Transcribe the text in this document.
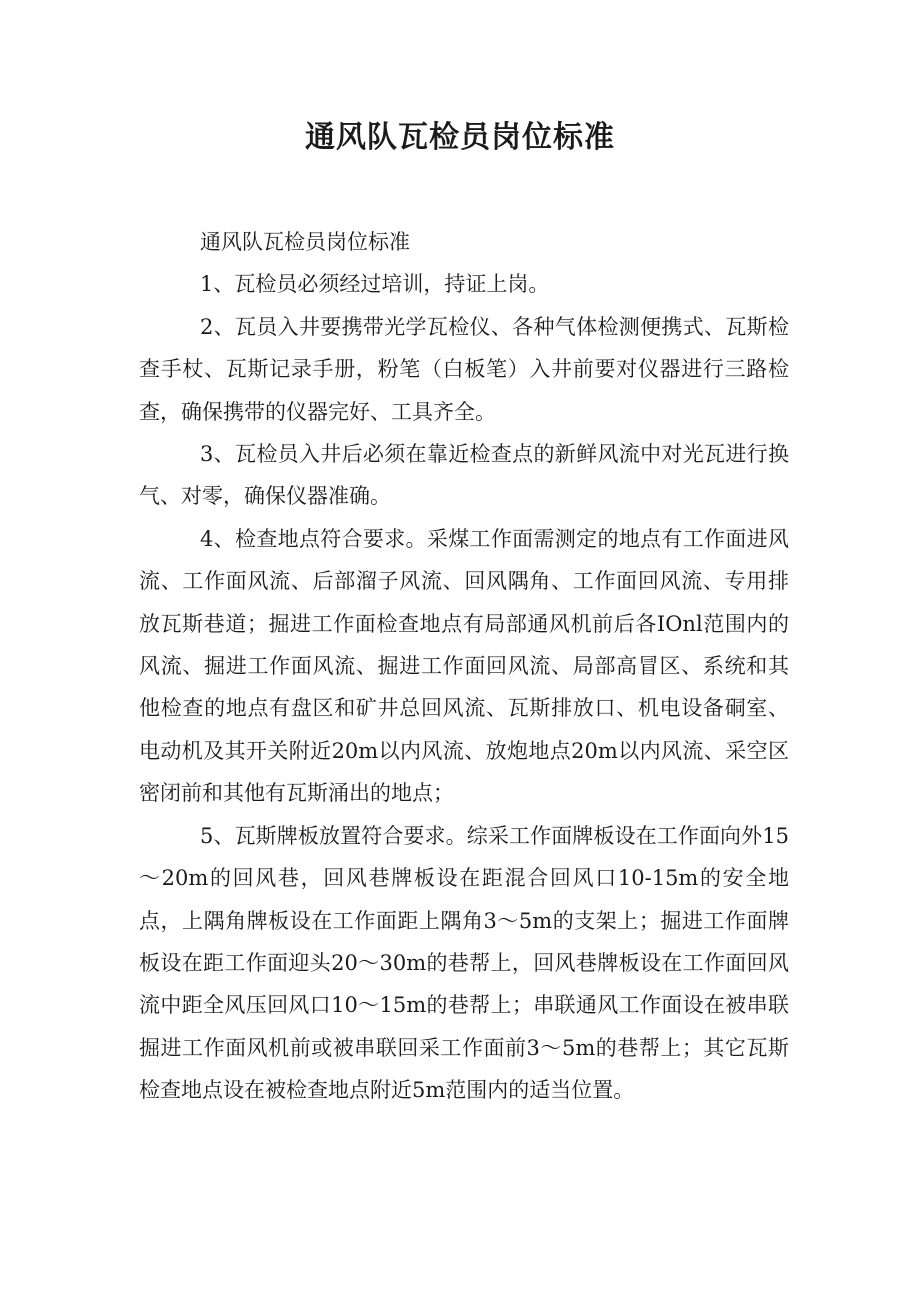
通风队瓦检员岗位标准

通风队瓦检员岗位标准

1、瓦检员必须经过培训，持证上岗。

2、瓦员入井要携带光学瓦检仪、各种气体检测便携式、瓦斯检查手杖、瓦斯记录手册，粉笔（白板笔）入井前要对仪器进行三路检查，确保携带的仪器完好、工具齐全。

3、瓦检员入井后必须在靠近检查点的新鲜风流中对光瓦进行换气、对零，确保仪器准确。

4、检查地点符合要求。采煤工作面需测定的地点有工作面进风流、工作面风流、后部溜子风流、回风隅角、工作面回风流、专用排放瓦斯巷道；掘进工作面检查地点有局部通风机前后各IOnl范围内的风流、掘进工作面风流、掘进工作面回风流、局部高冒区、系统和其他检查的地点有盘区和矿井总回风流、瓦斯排放口、机电设备硐室、电动机及其开关附近20m以内风流、放炮地点20m以内风流、采空区密闭前和其他有瓦斯涌出的地点；

5、瓦斯牌板放置符合要求。综采工作面牌板设在工作面向外15～20m的回风巷，回风巷牌板设在距混合回风口10-15m的安全地点，上隅角牌板设在工作面距上隅角3～5m的支架上；掘进工作面牌板设在距工作面迎头20～30m的巷帮上，回风巷牌板设在工作面回风流中距全风压回风口10～15m的巷帮上；串联通风工作面设在被串联掘进工作面风机前或被串联回采工作面前3～5m的巷帮上；其它瓦斯检查地点设在被检查地点附近5m范围内的适当位置。
